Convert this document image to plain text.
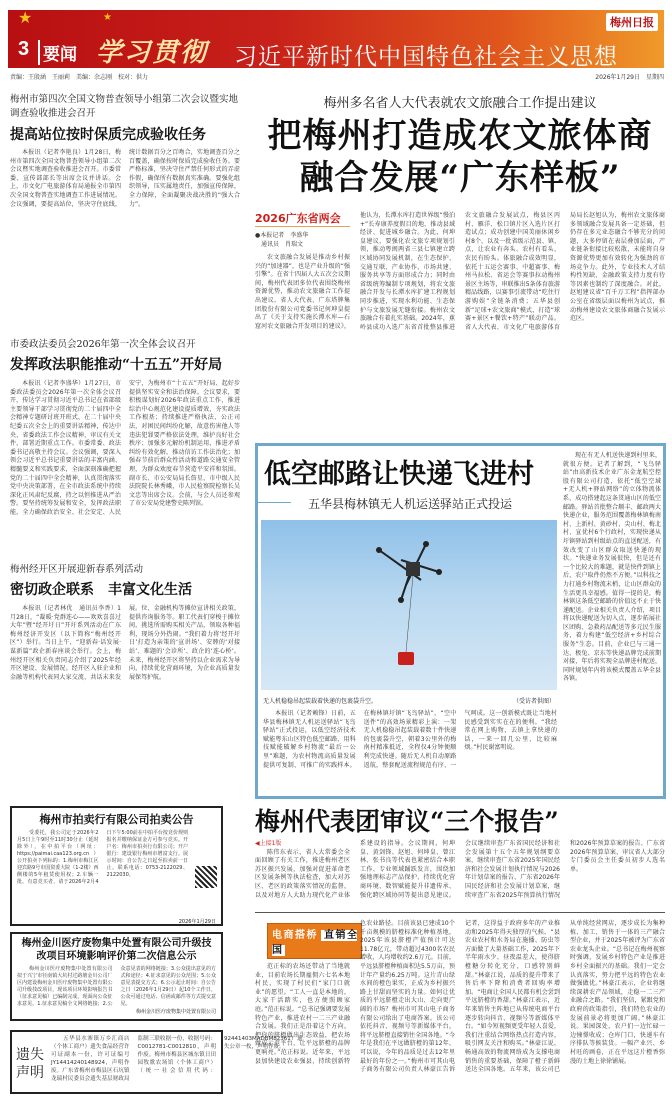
★	★
3 要闻 学习贯彻 习近平新时代中国特色社会主义思想
梅州日报
责编：王殷涵　王丽莉　美编：余志刚　校对：供力	2026年1月29日　星期四
梅州市第四次全国文物普查领导小组第二次会议暨实地调查验收推进会召开
提高站位按时保质完成验收任务
本报讯（记者李艳良）1月28日，梅州市第四次全国文物普查领导小组第二次会议暨实地调查验收推进会召开。市委常委、宣传部部长等出席会议并讲话。会上，市文化广电旅游体育局通报全市第四次全国文物普查实地调查工作进展情况。会议强调，要提高站位，坚决守住底线，统计数据百分之百吻合，实地调查百分之百覆盖，确保按时保质完成验收任务。要严格标准，坚决守住严禁任何形式的弄虚作假，确保所有数据真实准确。要强化组织领导，压实属地责任，加强宣传保障，全力保障，全面凝聚决战决胜的“强大合力”。
市委政法委员会2026年第一次全体会议召开
发挥政法职能推动“十五五”开好局
本报讯（记者李盛华）1月27日，市委政法委员会2026年第一次全体会议召开，传达学习贯彻习近平总书记在省部级主要领导干部学习贯彻党的二十届四中全会精神专题研讨班开班式、在二十届中央纪委五次全会上的重要讲话精神，传达中央、省委政法工作会议精神，审议有关文件，部署近期重点工作。市委常委、政法委书记高敬主持会议。会议强调，要深入领会习近平总书记重要讲话的丰富内涵、精髓要义和实践要求，全面深刻准确把握党的二十届四中全会精神，认真贯彻落实党中央决策部署，在全市政法系统中持续深化正风肃纪反腐，持之以恒推进从严治警。要坚持统筹发展和安全，发挥政法职能，全力确保政治安全、社会安定、人民安宁，为梅州市“十五五”开好局、起好步提供坚实安全和法治保障。会议要求，要积极谋划好2026年政法重点工作，推进综治中心规范化建设提质增效，夯实政法工作根基；持续推进严格执法、公正司法，对困民间纠纷化解，故意伤害他人等违法犯罪要严格依法处理，维护良好社会秩序；加强多元解纷机制运用，推进矛盾纠纷有效化解，推动信访工作法治化；加强春节前后群众性活动和道路交通安全管理，为群众欢度春节营造平安祥和氛围。副市长、市公安局局长詹星，市中级人民法院院长林秀峨，市人民检察院检察长吴文忠等出席会议。会前，与会人员还参观了市公安局党建警史陈列馆。
梅州经开区开展迎新春系列活动
密切政企联系　丰富文化生活
本报讯（记者林优　通讯员李香）1月28日，“凝暖·党群连心——欢欢喜喜过大年”暨“经开圩日”开圩系列活动在广东梅州经济开发区（以下简称“梅州经开区”）举行。当日上午，“迎新春·话发展·谋新篇”政企新春座谈会举行。会上，梅州经开区相关负责同志介绍了2025年经开区建设、发展情况。经开区入驻企业和金融等机构代表同大家交流，共话未来发展。位、金融机构等摊位宣讲相关政策，提供咨询服务等。职工代表们穿梭于摊位间，挑选所需购买相关产品，领取各种福利，现场分外热闹。“我们着力将‘经开圩日’打造为亲策的‘宣讲场’、安睦的‘对接站’、难题的‘会诊所’、政企的‘连心桥’。未来，梅州经开区将坚持以企业需求为导向，持续优化营商环境，为企业高质量发展保驾护航。
梅州市拍卖行有限公司拍卖公告
受委托，我公司定于2026年2月5日上午9时至11时30分止（延时除外），在中拍平台（网址：https://paimai.caa123.org.cn）公开拍卖下列标的：1.梅州市梅江区迎宾路9号市国资委大院（1-2楼）西侧楼的5年租赁使用权；2.车辆一批。有意竞买者，请于2026年2月4日下午5:00前在中拍平台按竞价规则报名并缴纳保证金方可参与竞买。开户名：梅州市拍卖行有限公司；开户银行：建设银行梅州市增富支行。展示时间：自公告之日起至拍卖前一日止。联系电话：0753-2122029、2122030。
2026年1月29日
梅州金川医疗废物集中处置有限公司升级技改项目环境影响评价第二次信息公示
梅州金川医疗废物集中处置有限公司拟于兴宁市径南镇大坑村过路塘金川公司厂区内建设梅州金川医疗废物集中处置有限公司升级技改项目，现该项目环境影响报告书（征求意见稿）已编制完成，现面向公众征求意见。1.征求意见稿全文网络链接；2.公众意见表的网络链接；3.公众提出意见的方式和途径；4.征求意见的公众范围；5.公众意见表提交方式；6.公示起止时间：自公告之日（2026年1月29日）起10个工作日，公众可通过电话、信函或邮件等方式提交意见。
梅州金川医疗废物集中处置有限公司
遗失声明
五华县水寨镇万乡汇商店（个体工商户）遗失食品经营许可证副本一份，许可证编号JY14414240148924，声明作废。广东省梅州市梅县区石坑镇龙瑞村民委员会遗失基层财政局监制三联收据一份，收据号码：C0012781-C0012810，声明作废。梅州市梅县区城东镇日田园牧歌农场馆（个体工商户）（统一社会信用代码：92441403MADBM82361）遗失公章一枚，声明作废。
梅州多名省人大代表就农文旅融合工作提出建议
把梅州打造成农文旅体商
融合发展“广东样板”
2026广东省两会
●本报记者　李盛华
　通讯员　肖瑞文
农文旅融合发展是推动乡村振兴的“加速器”，也是产业升级的“强引擎”。在省十四届人大五次会议期间，梅州代表团多位代表围绕梅州资源优势，推动农文旅融合工作提出建议。省人大代表、广东塔牌集团股份有限公司党委书记何坤皇提出了《关于支持实施长潭水库—石窟河农文旅融合开发项目的建议》，他认为，长潭水库打造世界级“慢泊+”长寿康养度假目的地，推动县域经济、促进城乡融合。为此，何坤皇建议，要强化农文旅专项规划引领，推动粤闽两省三县七镇建立跨区域协同发展机制，在生态保护、交通互联、产业协作、市场共建、服务共享等方面形成合力；同时由省级统筹编制专项规划，将农文旅融合开发与长潭水库扩建工程规划同步推进，实现水利功能、生态保护与文旅发展无缝衔接。梅州农文旅融合有着扎实基础。2024年，蕉岭县成功入选广东省首批整县推进农文旅融合发展试点，梅县区丙村、雁洋、松口镇片区入选片区打造试点；成功创建中国美丽休闲乡村8个，以及一批省级示范县、镇、点，让农业有奔头、农村有看头、农民有盼头。体旅融合成效明显，依托十五运会赛事、中超赛事、梅州马拉松、省运会等赛事拉动梅州景区主场等，串联推出5条体育旅游精品线路，以赛事引流带动“吃住行游购娱”全链条消费；五华县创新“足球+农文旅商”模式，打造“球赛+景区+餐饮+特产”联动产品。省人大代表、市文化广电旅游体育局局长赵旭认为，梅州农文旅体商多领域融合发展具备一定基础，但仍存在多元业态融合不够充分的问题，大多停留在表层叠加层面，产业链条衔接比较松散，未能将自身资源优势更加有效转化为强劲的市场竞争力。此外，专业技术人才结构性短缺、金融政策支持力度有待等因素也制约了深度融合。对此，赵旭建议省“百千万工程”指挥部办公室在省级层面以梅州为试点，推动梅州建设农文旅体商融合发展示范区。
低空邮路让快递飞进村
五华县梅林镇无人机运送驿站正式投运
无人机稳稳吊起装载着快递的包裹袋升空。	（受访者供图）
本报讯（记者赖锋）日前，五华县梅林镇无人机运送驿站“飞鸟驿站”正式投运，以低空经济技术赋能粤东山区特色低空邮路，用科技赋能破解乡村物流“最后一公里”难题，为农村物流高质量发展提供可复制、可推广的实践样本。在梅林镇圩镇“飞鸟驿站”，“空中送件”的高效场景精彩上演：一架无人机稳稳吊起装载着数十件快递的包裹袋升空，朝着3公里外的梅南村精准抵近，全程仅4分钟便顺利完成快递。随后无人机自动原路返航，整套配送流程规范有序、一气呵成。这一创新模式既让当地村民感受到实实在在的便利。“我经常在网上购物，去镇上拿快递的话，一来一回几公里，比较麻烦。”村民谢富明说。
现在有无人机送快递到村里来，就很方便。记者了解到，“飞鸟驿站”由高新技术企业广东金龙航空控股有限公司打造，依托“低空空域+无人机+驿站网络”的立体物流体系，成功搭建起这条贯通山区的低空邮路。驿站首批整合顺丰、邮政两大快递企业，服务范围覆盖梅林镇梅南村、上新村、黄砂村、尖山村、梅北村、宣优村6个行政村，实现快递从圩镇驿站到村级站点的直送配送，有效改变了山区群众取送快递的现状。“快递业务发展很快，但是还有一个比较大的难题，就是快件到镇上后，农户取件仍然不方便。”以科技之力打通乡村物流末梢，让山区群众的生活更具幸福感。值得一提的是，梅林镇这条低空邮路的价值远不止于快递配送。企业相关负责人介绍，项目将以快递配送为切入点，逐步拓展社区团购、急救药品配送等多元民生服务，着力构建“低空经济+乡村综合服务”生态。目前，企业已与三通一达、极兔、京东等快递品牌完成前期对接，年后将实现全品牌进村配送，同时规划年内将该模式覆盖五华全县各镇。
梅州代表团审议“三个报告”
◀上接1版
陈伟东表示，省人大常委会全面回顾了有关工作，推进梅州老区苏区振兴发展，加强对促进革命老区发展条例等执法检查，加大对苏区、老区的政策落实情况的监督，以及对地方人大助力现代化产业体系建设的指导。会议期间，何坤皇、黄剑锋、赵旭、何坤皇、曾江林、张书良等代表也紧密结合本职工作、专业领域踊跃发言，围绕加强地理标志产品保护、持续优化营商环境、数智赋能提升非遗传承、强化跨区域协同等提出意见建议。会议继续审查广东省国民经济和社会发展第十五个五年规划纲要草案，继续审查广东省2025年国民经济和社会发展计划执行情况与2026年计划草案的报告、广东省2026年国民经济和社会发展计划草案，继续审查广东省2025年预算执行情况和2026年预算草案的报告、广东省2026年预算草案，审议省人大部分专门委员会主任委员初步人选名单。
电商搭桥 直销全国
范正标的农场还带动了当地就业，目前农场长期雇佣六七名本地村民，实现了村民们“家门口就业”的愿望。“工人一直是本地的，大家干活踏实，也方便照顾家庭。”范正标说。“总书记强调要发展特色产业，推进农村一二三产业融合发展。我们正是沿着这个方向，把你的脐橙做出生态效益，把农场做成示范平台，让平远脐橙的品牌更响亮。”范正标说。近年来，平远县加快建设农业强县，持续创新特色农业路径。目前该县已建成10个千亩规模的脐橙标准化种植基地，2025年该县脐橙产值预计可达11.78亿元，带动超过4300名农民增收，人均增收约2.6万元。目前，平远县脐橙种植面积达5.5万亩，预计年产量约6.25万吨。这片青山绿水间的橙色果实，正成为乡村振兴路上甘甜而坚实的力量。如何让优质的平远脐橙走出大山、走向更广阔的市场？梅州市可其山电子商务有限公司给出了电商答案。该公司依托抖音、视频号等新媒体平台，将平远脐橙直接销往全国各地。“今年是我们在平远做脐橙的第12年，可以说，今年的品质是过去12年里最好的年份之一。”梅州市可其山电子商务有限公司负责人林豪江告诉记者，这得益于政府多年的产业推动和2025年得天独厚的气候。“县农业农村和水务局在施播、防虫等方面做了大量基础工作，2025年下半年雨水少、昼夜温差大，使得脐橙糖分转化充分，口感特别鲜甜。”林豪江说，品质的提升带来了售后率下降和消费者回购率增加。“电商让全国人民都有机会尝到平远脐橙的香甜。”林豪江表示，近年来销售主阵地已从传统电商平台逐步转向抖音、视频号等新媒体平台。“如今短视频更受年轻人喜爱，我们注重结合网络热点打造内容，吸引网友关注和购买。”林豪江说，畅通高效的物流网络成为支撑电商销售的重要基础，保障了橙子新鲜送达全国各地。五年来，该公司已从单纯经营网店，逐步成长为集种植、加工、销售于一体的三产融合型企业，并于2025年被评为广东省农业龙头企业。“总书记在梅州视察时强调，发展乡村特色产业是推进乡村全面振兴的基础。我们一定会认真落实，努力把平远的特色农业做强做优。”林豪江表示，企业将继续深耕农产品领域，走稳一二三产业融合之路。“我们坚信，紧跟党和政府的政策指引，我们特色农业的发展前景必将更加广阔。”林豪江说。果园深处，农户们一边忙碌一边憧憬收成；仓库门口，快递车有序排队等候装货。一幅产业兴、乡村旺的画卷，正在平远这片橙香弥漫的土地上徐徐铺展。
